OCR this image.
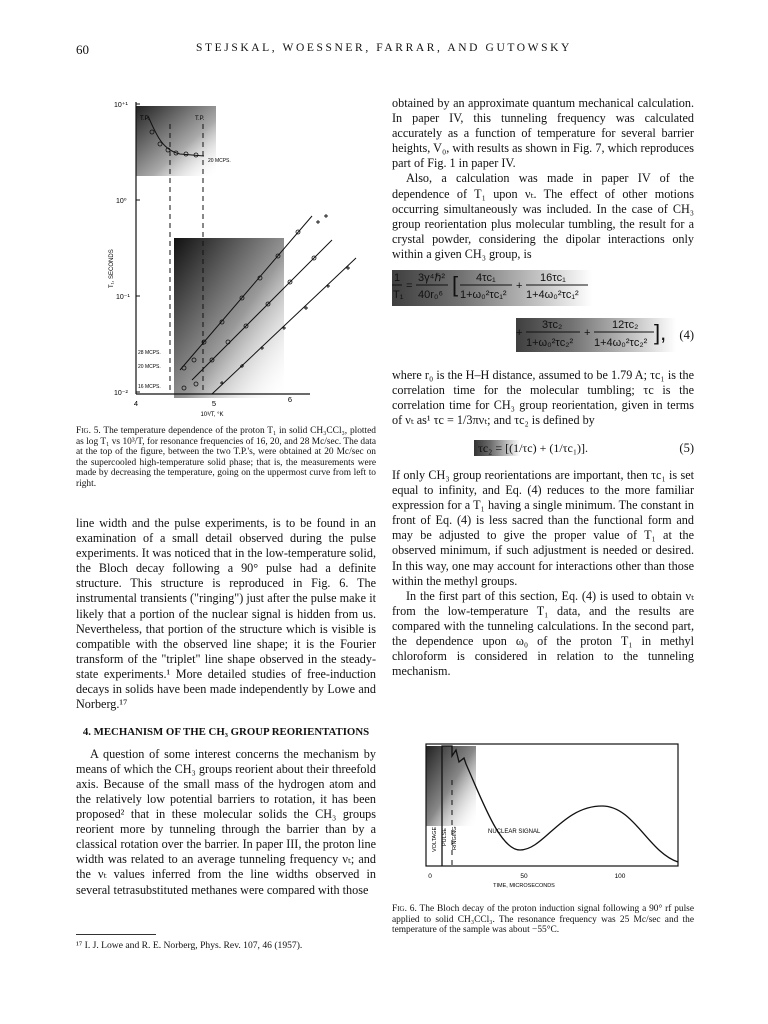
60	STEJSKAL, WOESSNER, FARRAR, AND GUTOWSKY
10⁺¹
10⁰
10⁻¹
10⁻²
4	5	6
10³/T, °K
T₁, SECONDS
T.P.	T.P.
20 MCPS.
28 MCPS.
20 MCPS.
16 MCPS.
Fig. 5. The temperature dependence of the proton T₁ in solid CH₃CCl₃, plotted as log T₁ vs 10³/T, for resonance frequencies of 16, 20, and 28 Mc/sec. The data at the top of the figure, between the two T.P.'s, were obtained at 20 Mc/sec on the supercooled high-temperature solid phase; that is, the measurements were made by decreasing the temperature, going on the uppermost curve from left to right.

line width and the pulse experiments, is to be found in an examination of a small detail observed during the pulse experiments. It was noticed that in the low-temperature solid, the Bloch decay following a 90° pulse had a definite structure. This structure is reproduced in Fig. 6. The instrumental transients ("ringing") just after the pulse make it likely that a portion of the nuclear signal is hidden from us. Nevertheless, that portion of the structure which is visible is compatible with the observed line shape; it is the Fourier transform of the "triplet" line shape observed in the steady-state experiments.¹ More detailed studies of free-induction decays in solids have been made independently by Lowe and Norberg.¹⁷

4. MECHANISM OF THE CH₃ GROUP REORIENTATIONS

A question of some interest concerns the mechanism by means of which the CH₃ groups reorient about their threefold axis. Because of the small mass of the hydrogen atom and the relatively low potential barriers to rotation, it has been proposed² that in these molecular solids the CH₃ groups reorient more by tunneling through the barrier than by a classical rotation over the barrier. In paper III, the proton line width was related to an average tunneling frequency νₜ; and the νₜ values inferred from the line widths observed in several tetrasubstituted methanes were compared with those

¹⁷ I. J. Lowe and R. E. Norberg, Phys. Rev. 107, 46 (1957).

obtained by an approximate quantum mechanical calculation. In paper IV, this tunneling frequency was calculated accurately as a function of temperature for several barrier heights, V₀, with results as shown in Fig. 7, which reproduces part of Fig. 1 in paper IV.

Also, a calculation was made in paper IV of the dependence of T₁ upon νₜ. The effect of other motions occurring simultaneously was included. In the case of CH₃ group reorientation plus molecular tumbling, the result for a crystal powder, considering the dipolar interactions only within a given CH₃ group, is

1
T₁
=
3γ⁴ℏ²
40r₀⁶ [ 4τc₁
1+ω₀²τc₁²
+
16τc₁
1+4ω₀²τc₁²
+
3τc₂
1+ω₀²τc₂²
+
12τc₂
1+4ω₀²τc₂² ], (4)

where r₀ is the H–H distance, assumed to be 1.79 A; τc₁ is the correlation time for the molecular tumbling; τc is the correlation time for CH₃ group reorientation, given in terms of νₜ as¹ τc = 1/3πνₜ; and τc₂ is defined by

τc₂ = [(1/τc) + (1/τc₁)].	(5)

If only CH₃ group reorientations are important, then τc₁ is set equal to infinity, and Eq. (4) reduces to the more familiar expression for a T₁ having a single minimum. The constant in front of Eq. (4) is less sacred than the functional form and may be adjusted to give the proper value of T₁ at the observed minimum, if such adjustment is needed or desired. In this way, one may account for interactions other than those within the methyl groups.

In the first part of this section, Eq. (4) is used to obtain νₜ from the low-temperature T₁ data, and the results are compared with the tunneling calculations. In the second part, the dependence upon ω₀ of the proton T₁ in methyl chloroform is considered in relation to the tunneling mechanism.

VOLTAGE PULSE RINGING	NUCLEAR SIGNAL
0	50	100
TIME, MICROSECONDS
Fig. 6. The Bloch decay of the proton induction signal following a 90° rf pulse applied to solid CH₃CCl₃. The resonance frequency was 25 Mc/sec and the temperature of the sample was about −55°C.
